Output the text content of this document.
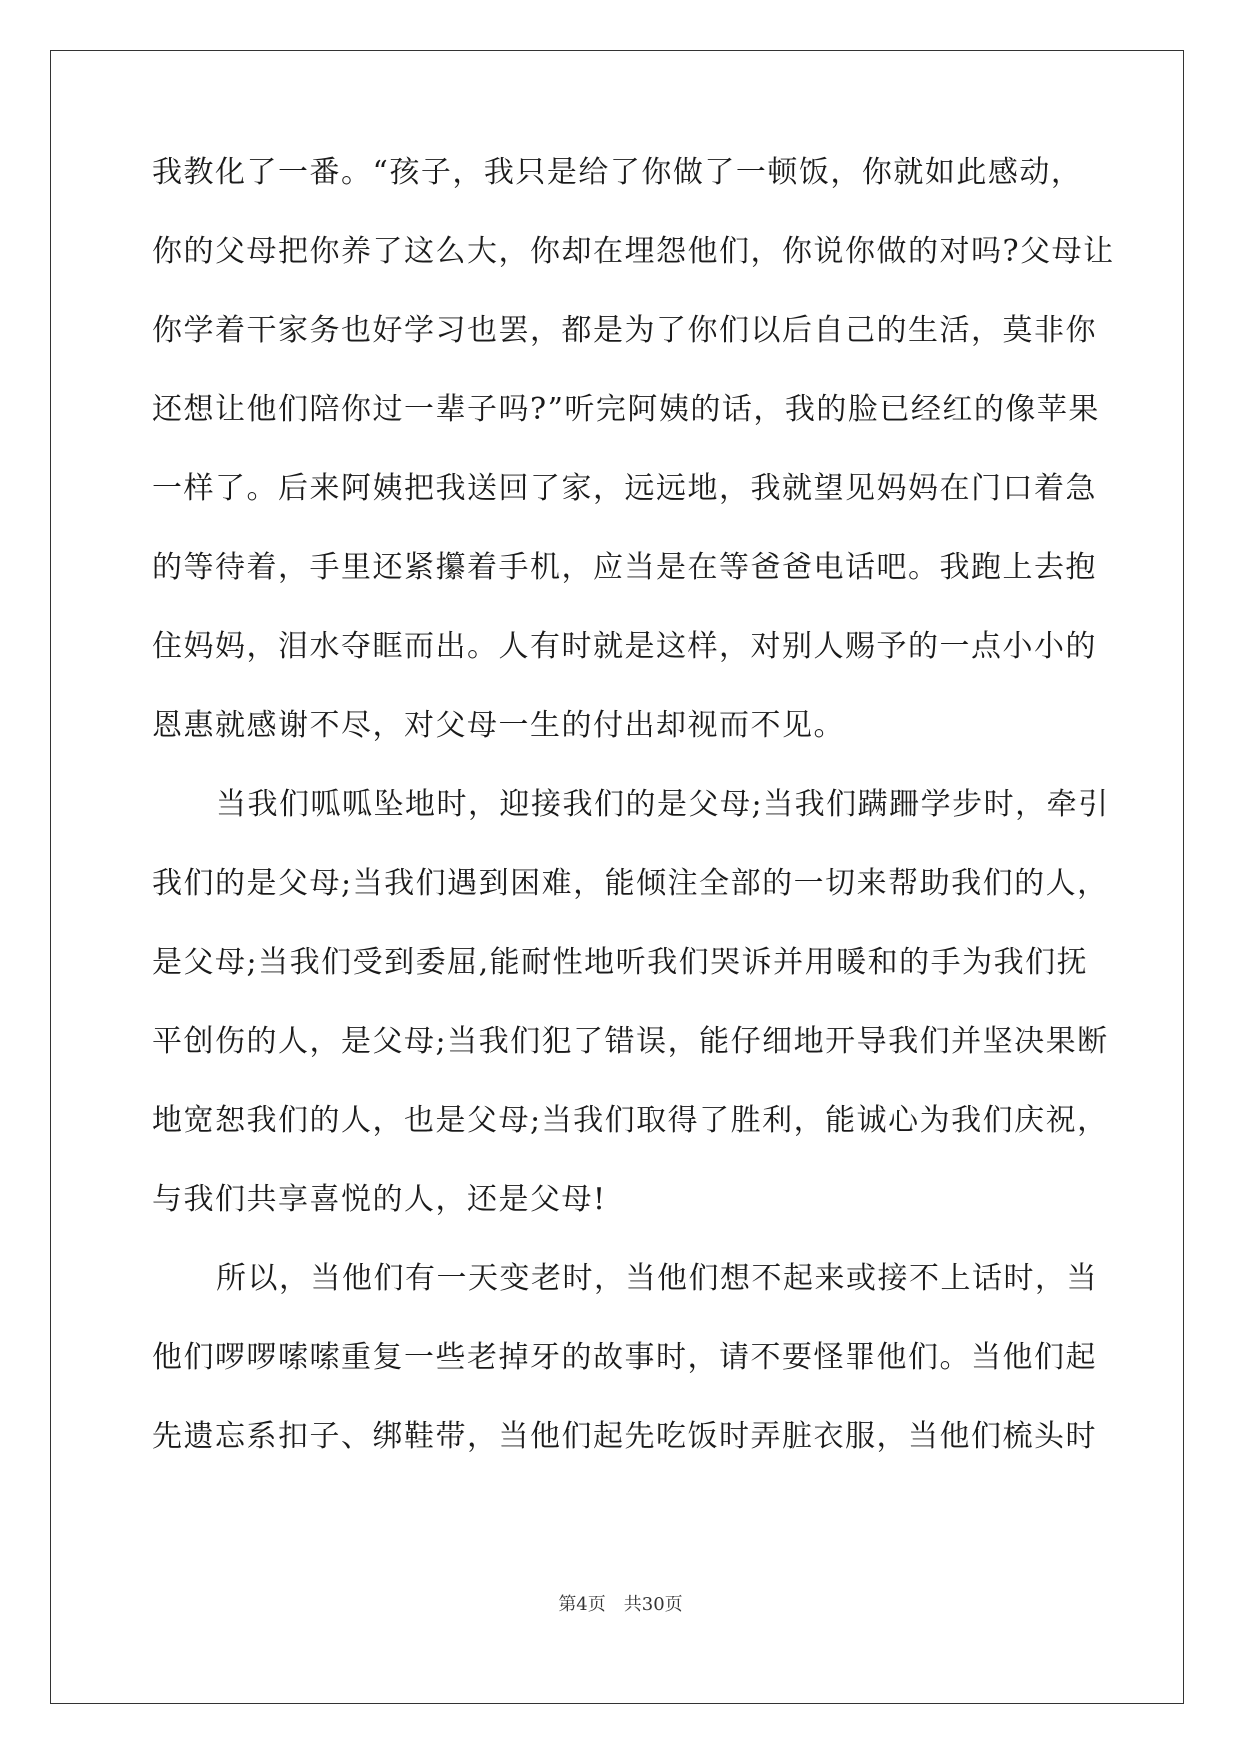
我教化了一番。“孩子，我只是给了你做了一顿饭，你就如此感动，
你的父母把你养了这么大，你却在埋怨他们，你说你做的对吗?父母让
你学着干家务也好学习也罢，都是为了你们以后自己的生活，莫非你
还想让他们陪你过一辈子吗?”听完阿姨的话，我的脸已经红的像苹果
一样了。后来阿姨把我送回了家，远远地，我就望见妈妈在门口着急
的等待着，手里还紧攥着手机，应当是在等爸爸电话吧。我跑上去抱
住妈妈，泪水夺眶而出。人有时就是这样，对别人赐予的一点小小的
恩惠就感谢不尽，对父母一生的付出却视而不见。
当我们呱呱坠地时，迎接我们的是父母;当我们蹒跚学步时，牵引
我们的是父母;当我们遇到困难，能倾注全部的一切来帮助我们的人，
是父母;当我们受到委屈,能耐性地听我们哭诉并用暖和的手为我们抚
平创伤的人，是父母;当我们犯了错误，能仔细地开导我们并坚决果断
地宽恕我们的人，也是父母;当我们取得了胜利，能诚心为我们庆祝，
与我们共享喜悦的人，还是父母!
所以，当他们有一天变老时，当他们想不起来或接不上话时，当
他们啰啰嗦嗦重复一些老掉牙的故事时，请不要怪罪他们。当他们起
先遗忘系扣子、绑鞋带，当他们起先吃饭时弄脏衣服，当他们梳头时
第4页　共30页
